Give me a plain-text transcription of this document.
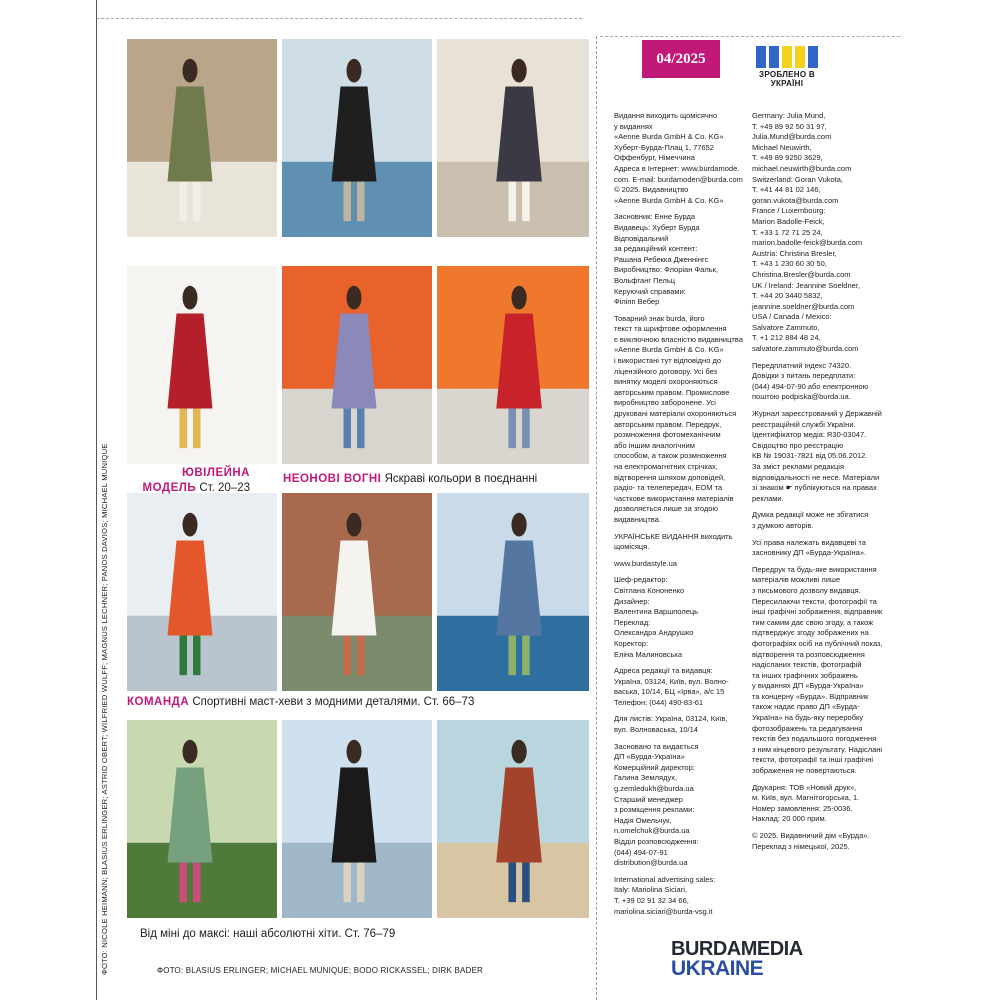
ЮВІЛЕЙНА МОДЕЛЬ Ст. 20–23
НЕОНОВІ ВОГНІ Яскраві кольори в поєднанні
КОМАНДА Спортивні маст-хеви з модними деталями. Ст. 66–73
Від міні до максі: наші абсолютні хіти. Ст. 76–79
ФОТО: NICOLE HEIMANN; BLASIUS ERLINGER; ASTRID OBERT; WILFRIED WULFF; MAGNUS LECHNER; PANOS DAVIOS; MICHAEL MUNIQUE	ФОТО: BLASIUS ERLINGER; MICHAEL MUNIQUE; BODO RICKASSEL; DIRK BADER
04/2025
ЗРОБЛЕНО В УКРАЇНІ

Видання виходить щомісячно
у виданнях
«Aenne Burda GmbH & Co. KG»
Хуберт-Бурда-Плац 1, 77652
Оффенбург, Німеччина
Адреса в Інтернет: www.burdamode.
com. E-mail: burdamoden@burda.com
© 2025. Видавництво
«Aenne Burda GmbH & Co. KG»

Засновник: Енне Бурда
Видавець: Хуберт Бурда
Відповідальний
за редакційний контент:
Рашана Ребекка Дженнінгс
Виробництво: Флоріан Фальк,
Вольфганг Пельц
Керуючий справами:
Філіпп Вебер

Товарний знак burda, його
текст та шрифтове оформлення
є виключною власністю видавництва
«Aenne Burda GmbH & Co. KG»
і використані тут відповідно до
ліцензійного договору. Усі без
винятку моделі охороняються
авторським правом. Промислове
виробництво заборонене. Усі
друковані матеріали охороняються
авторським правом. Передрук,
розмноження фотомеханічним
або іншим аналогічним
способом, а також розмноження
на електромагнітних стрічках,
відтворення шляхом доповідей,
радіо- та телепередач, ЕОМ та
часткове використання матеріалів
дозволяється лише за згодою
видавництва.

УКРАЇНСЬКЕ ВИДАННЯ виходить
щомісяця.

www.burdastyle.ua

Шеф-редактор:
Світлана Кононенко
Дизайнер:
Валентина Варшполець
Переклад:
Олександра Андрушко
Коректор:
Еліна Малиновська

Адреса редакції та видавця:
Україна, 03124, Київ, вул. Волно-
васька, 10/14, БЦ «Ірва», а/с 15
Телефон: (044) 490-83-61

Для листів: Україна, 03124, Київ,
вул. Волноваська, 10/14

Засновано та видається
ДП «Бурда-Україна»
Комерційний директор:
Галина Землядух,
g.zemledukh@burda.ua
Старший менеджер
з розміщення реклами:
Надія Омельчук,
n.omelchuk@burda.ua
Відділ розповсюдження:
(044) 494-07-91
distribution@burda.ua

International advertising sales:
Italy: Mariolina Siciari,
T. +39 02 91 32 34 66,
mariolina.siciari@burda-vsg.it

Germany: Julia Mund,
T. +49 89 92 50 31 97,
Julia.Mund@burda.com
Michael Neuwirth,
T. +49 89 9250 3629,
michael.neuwirth@burda.com
Switzerland: Goran Vukota,
T. +41 44 81 02 146,
goran.vukota@burda.com
France / Luxembourg:
Marion Badolle-Feick,
T. +33 1 72 71 25 24,
marion.badolle-feick@burda.com
Austria: Christina Bresler,
T. +43 1 230 60 30 50,
Christina.Bresler@burda.com
UK / Ireland: Jeannine Soeldner,
T. +44 20 3440 5832,
jeannine.soeldner@burda.com
USA / Canada / Mexico:
Salvatore Zammuto,
T. +1 212 884 48 24,
salvatore.zammuto@burda.com

Передплатний індекс 74320.
Довідки з питань передплати:
(044) 494-07-90 або електронною
поштою podpiska@burda.ua.

Журнал зареєстрований у Державній
реєстраційній службі України.
Ідентифікатор медіа: R30-03047.
Свідоцтво про реєстрацію
КВ № 19031-7821 від 05.06.2012.
За зміст реклами редакція
відповідальності не несе. Матеріали
зі знаком ☛ публікуються на правах
реклами.

Думка редакції може не збігатися
з думкою авторів.

Усі права належать видавцеві та
засновнику ДП «Бурда-Україна».

Передрук та будь-яке використання
матеріалів можливі лише
з письмового дозволу видавця.
Пересилаючи тексти, фотографії та
інші графічні зображення, відправник
тим самим дає свою згоду, а також
підтверджує згоду зображених на
фотографіях осіб на публічний показ,
відтворення та розповсюдження
надісланих текстів, фотографій
та інших графічних зображень
у виданнях ДП «Бурда-Україна»
та концерну «Бурда». Відправник
також надає право ДП «Бурда-
Україна» на будь-яку переробку
фотозображень та редагування
текстів без подальшого погодження
з ним кінцевого результату. Надіслані
тексти, фотографії та інші графічні
зображення не повертаються.

Друкарня: ТОВ «Новий друк»,
м. Київ, вул. Магнітогорська, 1.
Номер замовлення: 25-0036.
Наклад: 20 000 прим.

© 2025. Видавничий дім «Бурда».
Переклад з німецької, 2025.

BURDAMEDIA
UKRAINE
